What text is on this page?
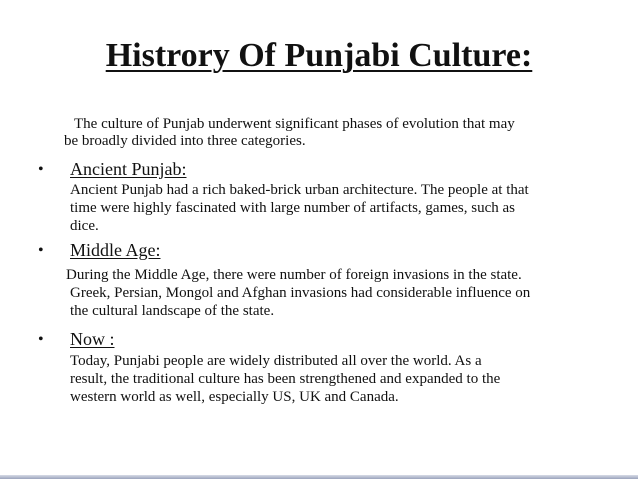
Histrory Of Punjabi Culture:
The culture of Punjab underwent significant phases of evolution that may
be broadly divided into three categories.
• Ancient Punjab:
Ancient Punjab had a rich baked-brick urban architecture. The people at that
time were highly fascinated with large number of artifacts, games, such as
dice.
• Middle Age:
During the Middle Age, there were number of foreign invasions in the state.
Greek, Persian, Mongol and Afghan invasions had considerable influence on
the cultural landscape of the state.
• Now :
Today, Punjabi people are widely distributed all over the world. As a
result, the traditional culture has been strengthened and expanded to the
western world as well, especially US, UK and Canada.
